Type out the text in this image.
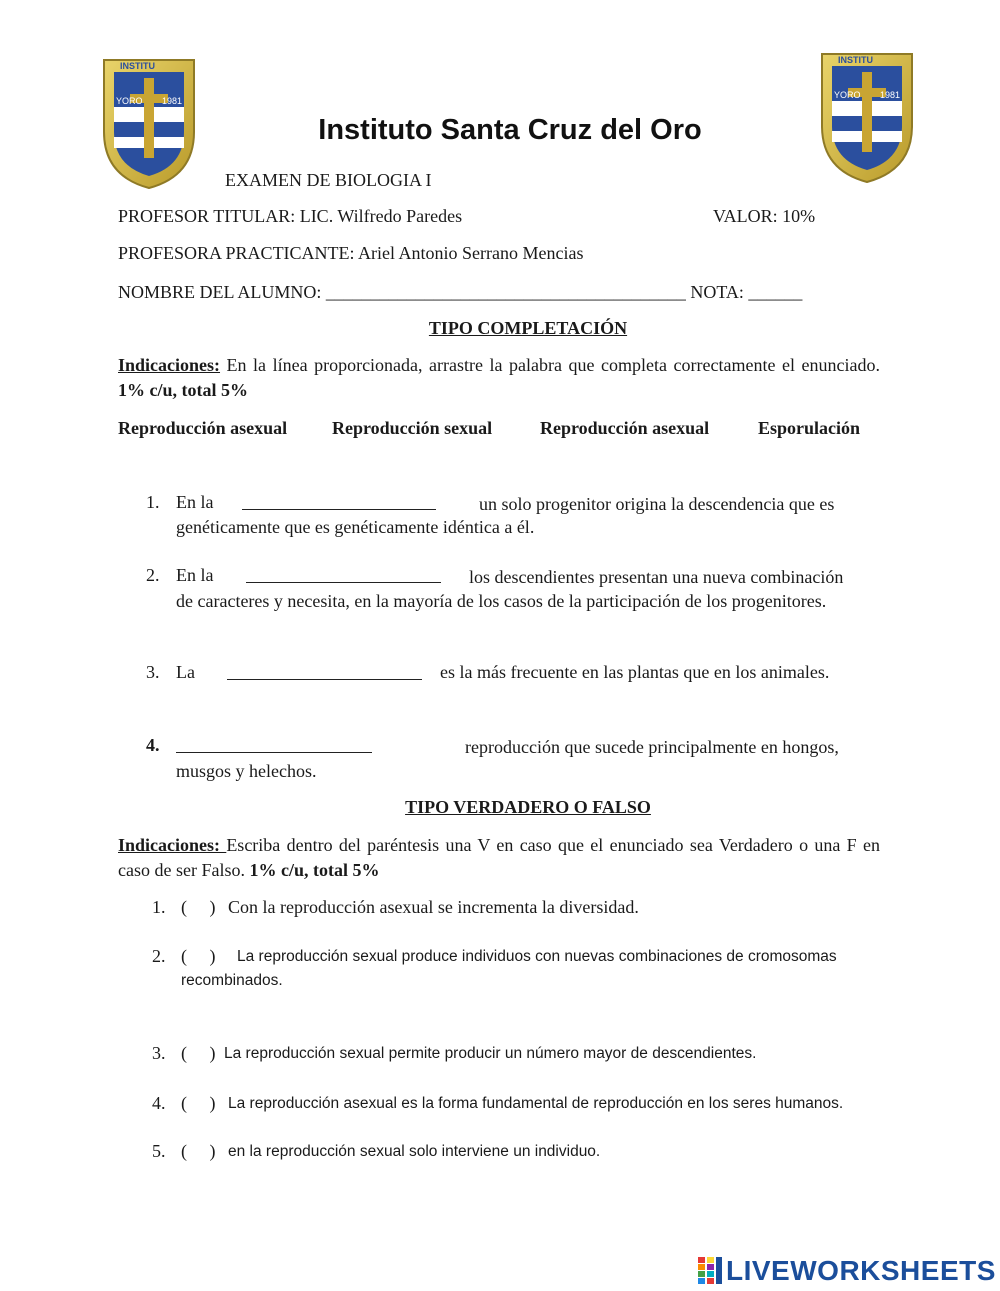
YORO 1981
INSTITU
YORO 1981
INSTITU
Instituto Santa Cruz del Oro
EXAMEN DE BIOLOGIA I
PROFESOR TITULAR: LIC. Wilfredo Paredes	VALOR: 10%
PROFESORA PRACTICANTE: Ariel Antonio Serrano Mencias
NOMBRE DEL ALUMNO: ________________________________________ NOTA: ______
TIPO COMPLETACIÓN
Indicaciones: En la línea proporcionada, arrastre la palabra que completa correctamente el enunciado. 1% c/u, total 5%
Reproducción asexual Reproducción sexual	Reproducción asexual	Esporulación
1. En la	un solo progenitor origina la descendencia que es
genéticamente que es genéticamente idéntica a él.
2. En la	los descendientes presentan una nueva combinación
de caracteres y necesita, en la mayoría de los casos de la participación de los progenitores.
3. La	es la más frecuente en las plantas que en los animales.
4.	reproducción que sucede principalmente en hongos,
musgos y helechos.
TIPO VERDADERO O FALSO
Indicaciones: Escriba dentro del paréntesis una V en caso que el enunciado sea Verdadero o una F en caso de ser Falso. 1% c/u, total 5%
1. (     ) Con la reproducción asexual se incrementa la diversidad.
2. (     ) La reproducción sexual produce individuos con nuevas combinaciones de cromosomas
recombinados.
3. (     ) La reproducción sexual permite producir un número mayor de descendientes.
4. (     ) La reproducción asexual es la forma fundamental de reproducción en los seres humanos.
5. (     ) en la reproducción sexual solo interviene un individuo.
LIVEWORKSHEETS
